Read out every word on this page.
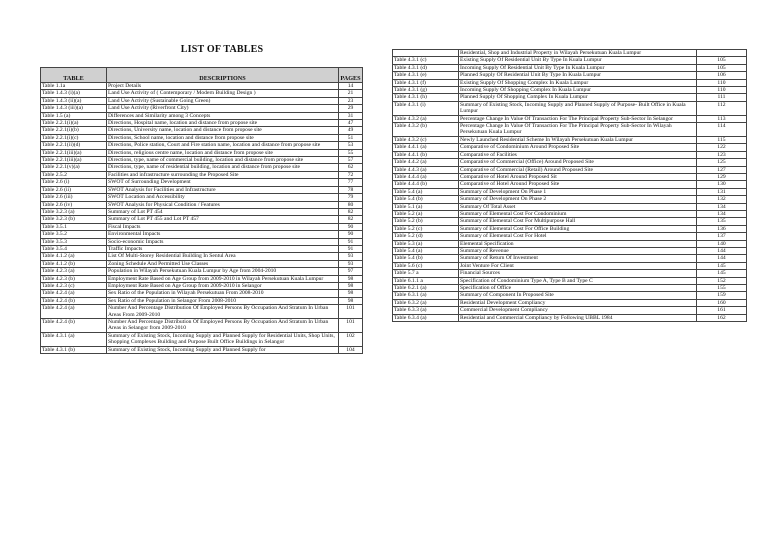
LIST OF TABLES
TABLE	DESCRIPTIONS	PAGES
Table 1.1a	Project Details	14
Table 1.4.3 (i)(a)	Land Use Activity of ( Contemporary / Modern Building Design )	21
Table 1.4.3 (ii)(a)	Land Use Activity (Sustainable Going Green)	23
Table 1.4.3 (iii)(a)	Land Use Activity (Riverfront City)	29
Table 1.5 (a)	Differences and Similarity among 3 Concepts	31
Table 2.2.1(i)(a)	Directions, Hospital name, location and distance from propose site	47
Table 2.2.1(i)(b)	Directions, University name, location and distance from propose site	49
Table 2.2.1(i)(c)	Directions, School name, location and distance from propose site	51
Table 2.2.1(ii)(d)	Directions, Police station, Court and Fire station name, location and distance from propose site	53
Table 2.2.1(iii)(a)	Directions, religious centre name, location and distance from propose site	55
Table 2.2.1(iii)(a)	Directions, type, name of commercial building, location and distance from propose site	57
Table 2.2.1(v)(a)	Directions, type, name of residential building, location and distance from propose site	62
Table 2.5.2	Facilities and infrastructure surrounding the Proposed Site	72
Table 2.6 (i)	SWOT of Surrounding Development	77
Table 2.6 (ii)	SWOT Analysis for Facilities and Infrastructure	78
Table 2.6 (iii)	SWOT Location and Accessibility	79
Table 2.6 (iv)	SWOT Analysis for Physical Condition / Features	80
Table 3.2.3 (a)	Summary of Lot PT 454	82
Table 3.2.3 (b)	Summary of Lot PT 455 and Lot PT 457	82
Table 3.5.1	Fiscal Impacts	90
Table 3.5.2	Environmental Impacts	90
Table 3.5.3	Socio-economic Impacts	91
Table 3.5.4	Traffic Impacts	91
Table 4.1.2 (a)	List Of Multi-Storey Residential Building In Sentul Area	93
Table 4.1.2 (b)	Zoning Schedule And Permitted Use Classes	93
Table 4.2.3 (a)	Population in Wilayah Persekutuan Kuala Lumpur by Age from 2004-2010	97
Table 4.2.3 (b)	Employment Rate Based on Age Group from 2009-2010 in Wilayah Persekutuan Kuala Lumpur	98
Table 4.2.3 (c)	Employment Rate Based on Age Group from 2009-2010 in Selangor	98
Table 4.2.4 (a)	Sex Ratio of the Population in Wilayah Persekutuan From 2008-2010	98
Table 4.2.4 (b)	Sex Ratio of the Population in Selangor From 2008-2010	98
Table 4.2.4 (a)	Number And Percentage Distribution Of Employed Persons By Occupation And Stratum In Urban Areas From 2009-2010	101
Table 4.2.4 (b)	Number And Percentage Distribution Of Employed Persons By Occupation And Stratum In Urban Areas in Selangor from 2009-2010	101
Table 4.3.1 (a)	Summary of Existing Stock, Incoming Supply and Planned Supply for Residential Units, Shop Units, Shopping Complexes Building and Purpose Built Office Buildings in Selangor	102
Table 4.3.1 (b)	Summary of Existing Stock, Incoming Supply and Planned Supply for	104
	Residential, Shop and Industrial Property in Wilayah Persekutuan Kuala Lumpur	
Table 4.3.1 (c)	Existing Supply Of Residential Unit By Type In Kuala Lumpur	105
Table 4.3.1 (d)	Incoming Supply Of Residential Unit By Type In Kuala Lumpur	105
Table 4.3.1 (e)	Planned Supply Of Residential Unit By Type In Kuala Lumpur	106
Table 4.3.1 (f)	Existing Supply Of Shopping Complex In Kuala Lumpur	110
Table 4.3.1 (g)	Incoming Supply Of Shopping Complex In Kuala Lumpur	110
Table 4.3.1 (h)	Planned Supply Of Shopping Complex In Kuala Lumpur	111
Table 4.3.1 (i)	Summary of Existing Stock, Incoming Supply and Planned Supply of Purpose- Built Office in Kuala Lumpur	112
Table 4.3.2 (a)	Percentage Change In Value Of Transaction For The Principal Property Sub-Sector In Selangor	113
Table 4.3.2 (b)	Percentage Change In Value Of Transaction For The Principal Property Sub-Sector In Wilayah Persekutuan Kuala Lumpur	114
Table 4.3.2 (c)	Newly Launched Residential Scheme In Wilayah Persekutuan Kuala Lumpur	115
Table 4.4.1 (a)	Comparative of Condominium Around Proposed Site	122
Table 4.4.1 (b)	Comparative of Facilities	123
Table 4.4.2 (a)	Comparative of Commercial (Office) Around Proposed Site	125
Table 4.4.3 (a)	Comparative of Commercial (Retail) Around Proposed Site	127
Table 4.4.4 (a)	Comparative of Hotel Around Proposed Sit	129
Table 4.4.4 (b)	Comparative of Hotel Around Proposed Site	130
Table 5.4 (a)	Summary of Development On Phase 1	131
Table 5.4 (b)	Summary of Development On Phase 2	132
Table 5.1 (a)	Summary Of Total Asset	134
Table 5.2 (a)	Summary of Elemental Cost For Condominium	134
Table 5.2 (b)	Summary of Elemental Cost For Multipurpose Hall	135
Table 5.2 (c)	Summary of Elemental Cost For Office Building	136
Table 5.2 (d)	Summary of Elemental Cost For Hotel	137
Table 5.3 (a)	Elemental Specification	140
Table 5.4 (a)	Summary of Revenue	144
Table 5.4 (b)	Summary of Return Of Investment	144
Table 5.6 (c)	Joint Venture For Client	145
Table 5.7 a	Financial Sources	145
Table 6.1.1 a	Specification of Condominium Type A, Type B and Type C	152
Table 6.2.1 (a)	Specification of Office	155
Table 6.3.1 (a)	Summary of Component In Proposed Site	159
Table 6.3.2 (a)	Residential Development Compliancy	160
Table 6.3.3 (a)	Commercial Development Compliancy	161
Table 6.3.4 (a)	Residential and Commercial Compliancy by Following UBBL 1984	162
